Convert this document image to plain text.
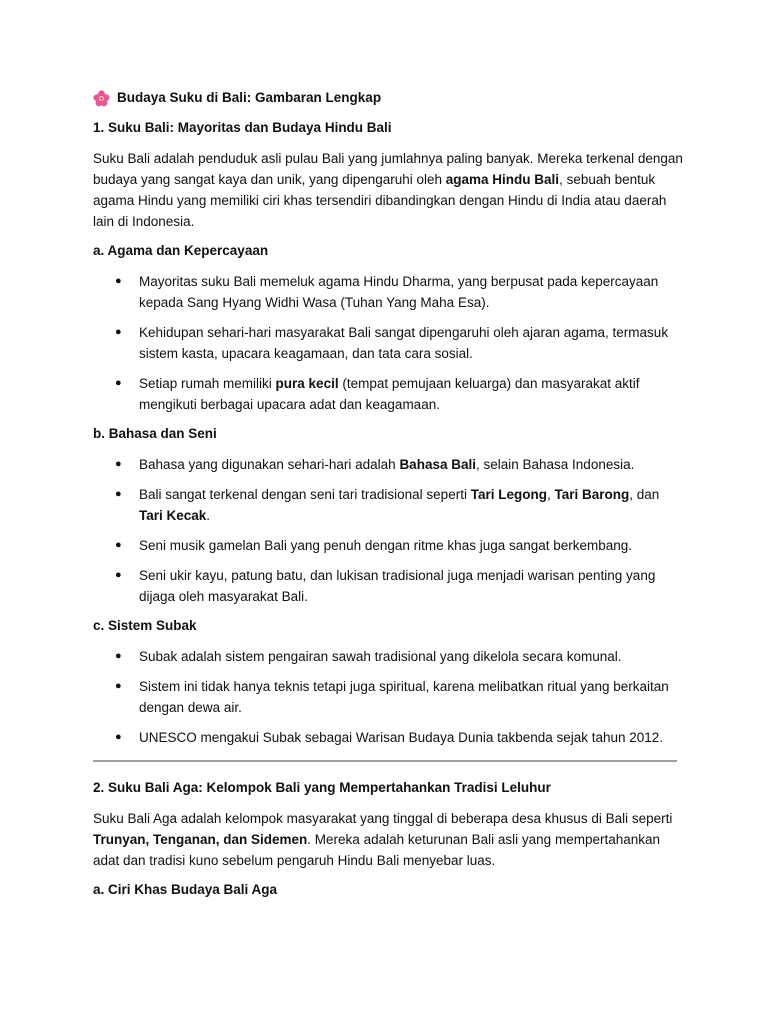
Budaya Suku di Bali: Gambaran Lengkap
1. Suku Bali: Mayoritas dan Budaya Hindu Bali
Suku Bali adalah penduduk asli pulau Bali yang jumlahnya paling banyak. Mereka terkenal dengan budaya yang sangat kaya dan unik, yang dipengaruhi oleh agama Hindu Bali, sebuah bentuk agama Hindu yang memiliki ciri khas tersendiri dibandingkan dengan Hindu di India atau daerah lain di Indonesia.
a. Agama dan Kepercayaan
● Mayoritas suku Bali memeluk agama Hindu Dharma, yang berpusat pada kepercayaan kepada Sang Hyang Widhi Wasa (Tuhan Yang Maha Esa).
● Kehidupan sehari-hari masyarakat Bali sangat dipengaruhi oleh ajaran agama, termasuk sistem kasta, upacara keagamaan, dan tata cara sosial.
● Setiap rumah memiliki pura kecil (tempat pemujaan keluarga) dan masyarakat aktif mengikuti berbagai upacara adat dan keagamaan.
b. Bahasa dan Seni
● Bahasa yang digunakan sehari-hari adalah Bahasa Bali, selain Bahasa Indonesia.
● Bali sangat terkenal dengan seni tari tradisional seperti Tari Legong, Tari Barong, dan Tari Kecak.
● Seni musik gamelan Bali yang penuh dengan ritme khas juga sangat berkembang.
● Seni ukir kayu, patung batu, dan lukisan tradisional juga menjadi warisan penting yang dijaga oleh masyarakat Bali.
c. Sistem Subak
● Subak adalah sistem pengairan sawah tradisional yang dikelola secara komunal.
● Sistem ini tidak hanya teknis tetapi juga spiritual, karena melibatkan ritual yang berkaitan dengan dewa air.
● UNESCO mengakui Subak sebagai Warisan Budaya Dunia takbenda sejak tahun 2012.
2. Suku Bali Aga: Kelompok Bali yang Mempertahankan Tradisi Leluhur
Suku Bali Aga adalah kelompok masyarakat yang tinggal di beberapa desa khusus di Bali seperti Trunyan, Tenganan, dan Sidemen. Mereka adalah keturunan Bali asli yang mempertahankan adat dan tradisi kuno sebelum pengaruh Hindu Bali menyebar luas.
a. Ciri Khas Budaya Bali Aga
